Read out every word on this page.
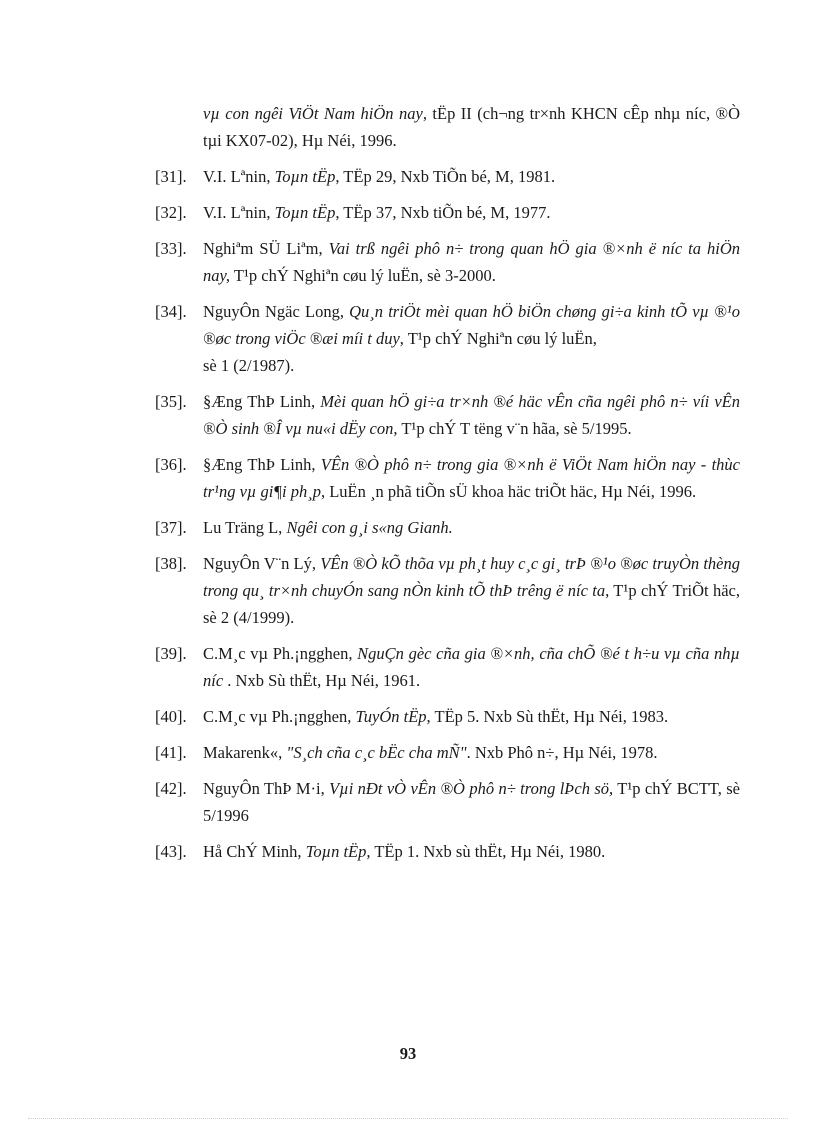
vµ con ngêi ViÖt Nam hiÖn nay, tËp II (ch¬ng tr×nh KHCN cÊp nhµ níc, ®Ò tµi KX07-02), Hµ Néi, 1996.
[31]. V.I. Lªnin, Toµn tËp, TËp 29, Nxb TiÕn bé, M, 1981.
[32]. V.I. Lªnin, Toµn tËp, TËp 37, Nxb tiÕn bé, M, 1977.
[33]. Nghiªm SÜ Liªm, Vai trß ngêi phô n÷ trong quan hÖ gia ®×nh ë níc ta hiÖn nay, T¹p chÝ Nghiªn cøu lý luËn, sè 3-2000.
[34]. NguyÔn Ngäc Long, Qu¸n triÖt mèi quan hÖ biÖn chøng gi÷a kinh tÕ vµ ®¹o ®øc trong viÖc ®æi míi t duy, T¹p chÝ Nghiªn cøu lý luËn,
sè 1 (2/1987).
[35]. §Æng ThÞ Linh, Mèi quan hÖ gi÷a tr×nh ®é häc vÊn cña ngêi phô n÷ víi vÊn ®Ò sinh ®Î vµ nu«i dËy con, T¹p chÝ T tëng v¨n hãa, sè 5/1995.
[36]. §Æng ThÞ Linh, VÊn ®Ò phô n÷ trong gia ®×nh ë ViÖt Nam hiÖn nay - thùc tr¹ng vµ gi¶i ph¸p, LuËn ¸n phã tiÕn sÜ khoa häc triÕt häc, Hµ Néi, 1996.
[37]. Lu Träng L, Ngêi con g¸i s«ng Gianh.
[38]. NguyÔn V¨n Lý, VÊn ®Ò kÕ thõa vµ ph¸t huy c¸c gi¸ trÞ ®¹o ®øc truyÒn thèng trong qu¸ tr×nh chuyÓn sang nÒn kinh tÕ thÞ trêng ë níc ta, T¹p chÝ TriÕt häc, sè 2 (4/1999).
[39]. C.M¸c vµ Ph.¡ngghen, NguÇn gèc cña gia ®×nh, cña chÕ ®é t h÷u vµ cña nhµ níc . Nxb Sù thËt, Hµ Néi, 1961.
[40]. C.M¸c vµ Ph.¡ngghen, TuyÓn tËp, TËp 5. Nxb Sù thËt, Hµ Néi, 1983.
[41]. Makarenk«, "S¸ch cña c¸c bËc cha mÑ". Nxb Phô n÷, Hµ Néi, 1978.
[42]. NguyÔn ThÞ M·i, Vµi nÐt vÒ vÊn ®Ò phô n÷ trong lÞch sö, T¹p chÝ BCTT, sè 5/1996
[43]. Hå ChÝ Minh, Toµn tËp, TËp 1. Nxb sù thËt, Hµ Néi, 1980.
93
